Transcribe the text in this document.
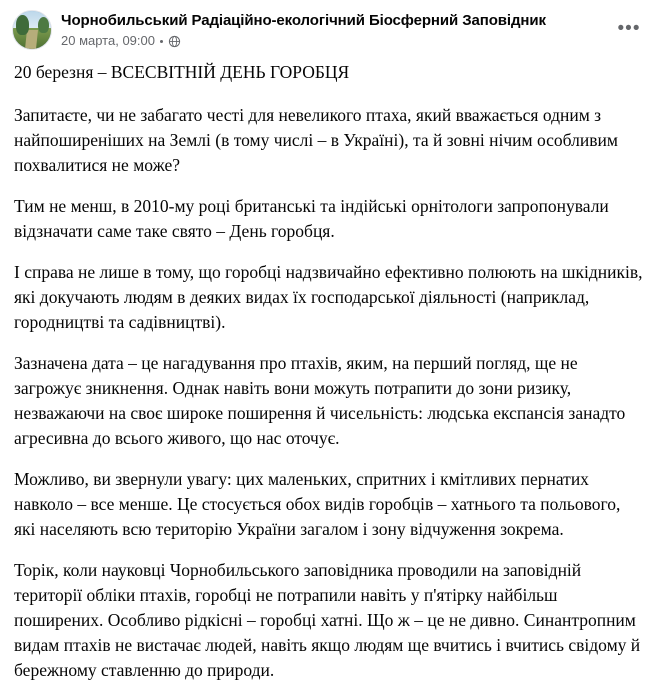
Чорнобильський Радіаційно-екологічний Біосферний Заповідник
20 марта, 09:00
•••

20 березня – ВСЕСВІТНІЙ ДЕНЬ ГОРОБЦЯ

Запитаєте, чи не забагато честі для невеликого птаха, який вважається одним з найпоширеніших на Землі (в тому числі – в Україні), та й зовні нічим особливим похвалитися не може?

Тим не менш, в 2010-му році британські та індійські орнітологи запропонували відзначати саме таке свято – День горобця.

І справа не лише в тому, що горобці надзвичайно ефективно полюють на шкідників, які докучають людям в деяких видах їх господарської діяльності (наприклад, городництві та садівництві).

Зазначена дата – це нагадування про птахів, яким, на перший погляд, ще не загрожує зникнення. Однак навіть вони можуть потрапити до зони ризику, незважаючи на своє широке поширення й чисельність: людська експансія занадто агресивна до всього живого, що нас оточує.

Можливо, ви звернули увагу: цих маленьких, спритних і кмітливих пернатих навколо – все менше. Це стосується обох видів горобців – хатнього та польового, які населяють всю територію України загалом і зону відчуження зокрема.

Торік, коли науковці Чорнобильського заповідника проводили на заповідній території обліки птахів, горобці не потрапили навіть у п'ятірку найбільш поширених. Особливо рідкісні – горобці хатні. Що ж – це не дивно. Синантропним видам птахів не вистачає людей, навіть якщо людям ще вчитись і вчитись свідому й бережному ставленню до природи.
